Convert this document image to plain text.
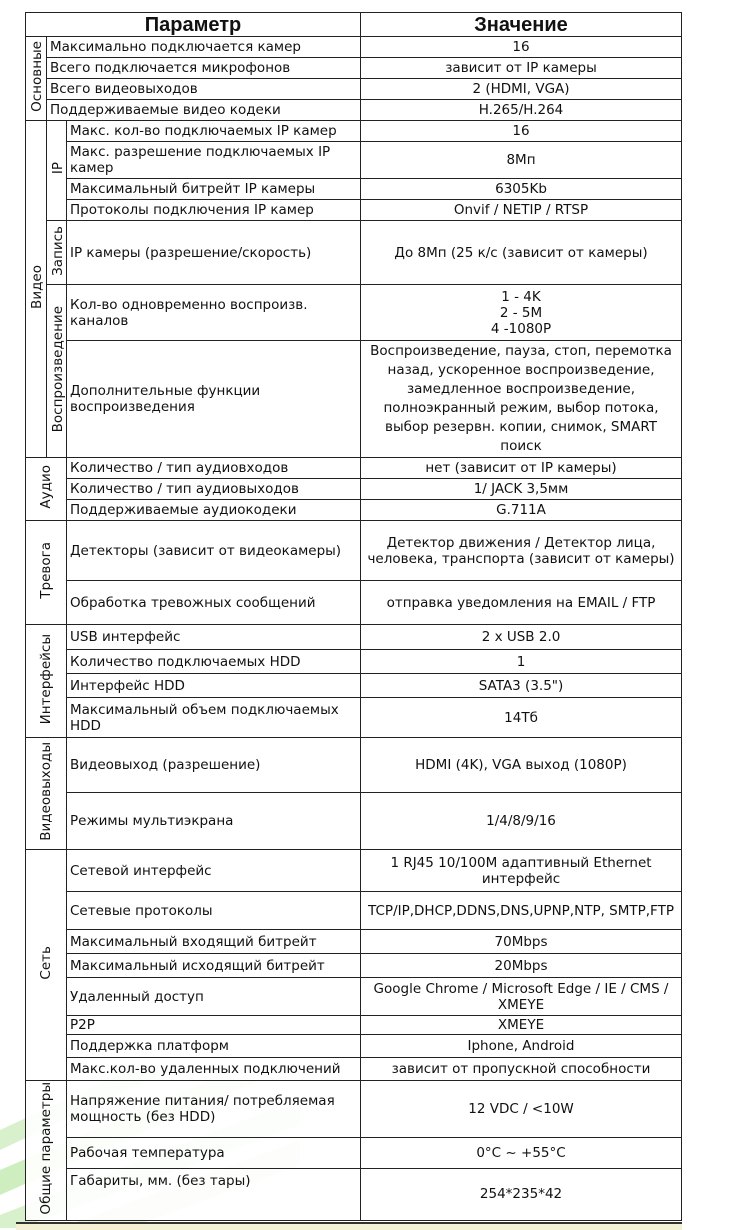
Параметр			Значение
Основные	Максимально подключается камер		16
	Всего подключается микрофонов		зависит от IP камеры
	Всего видеовыходов		2 (HDMI, VGA)
	Поддерживаемые видео кодеки		H.265/H.264
Видео	IP	Макс. кол-во подключаемых IP камер	16
		Макс. разрешение подключаемых IP камер	8Мп
		Максимальный битрейт IP камеры	6305Kb
		Протоколы подключения IP камер	Onvif / NETIP / RTSP
	Запись	IP камеры (разрешение/скорость)	До 8Мп (25 к/с (зависит от камеры)
	Воспроизведение	Кол-во одновременно воспроизв. каналов	1 - 4K
2 - 5M
4 -1080P

		Дополнительные функции воспроизведения	Воспроизведение, пауза, стоп, перемотка назад, ускоренное воспроизведение, замедленное воспроизведение, полноэкранный режим, выбор потока, выбор резервн. копии, снимок, SMART поиск
Аудио		Количество / тип аудиовходов	нет (зависит от IP камеры)
		Количество / тип аудиовыходов	1/ JACK 3,5мм
		Поддерживаемые аудиокодеки	G.711A
Тревога		Детекторы (зависит от видеокамеры)	Детектор движения / Детектор лица, человека, транспорта (зависит от камеры)
		Обработка тревожных сообщений	отправка уведомления на EMAIL / FTP
Интерфейсы		USB интерфейс	2 x USB 2.0
		Количество подключаемых HDD	1
		Интерфейс HDD	SATA3 (3.5")
		Максимальный объем подключаемых HDD	14Тб
Видеовыходы		Видеовыход (разрешение)	HDMI (4K), VGA выход (1080P)
		Режимы мультиэкрана	1/4/8/9/16
Сеть		Сетевой интерфейс	1 RJ45 10/100M адаптивный Ethernet интерфейс
		Сетевые протоколы	TCP/IP,DHCP,DDNS,DNS,UPNP,NTP, SMTP,FTP
		Максимальный входящий битрейт	70Mbps
		Максимальный исходящий битрейт	20Mbps
		Удаленный доступ	Google Chrome / Microsoft Edge / IE / CMS / XMEYE
		P2P	XMEYE
		Поддержка платформ	Iphone, Android
		Макс.кол-во удаленных подключений	зависит от пропускной способности
Общие параметры		Напряжение питания/ потребляемая мощность (без HDD)	12 VDC / <10W
		Рабочая температура	0°С ~ +55°С
		Габариты, мм. (без тары)	254*235*42
